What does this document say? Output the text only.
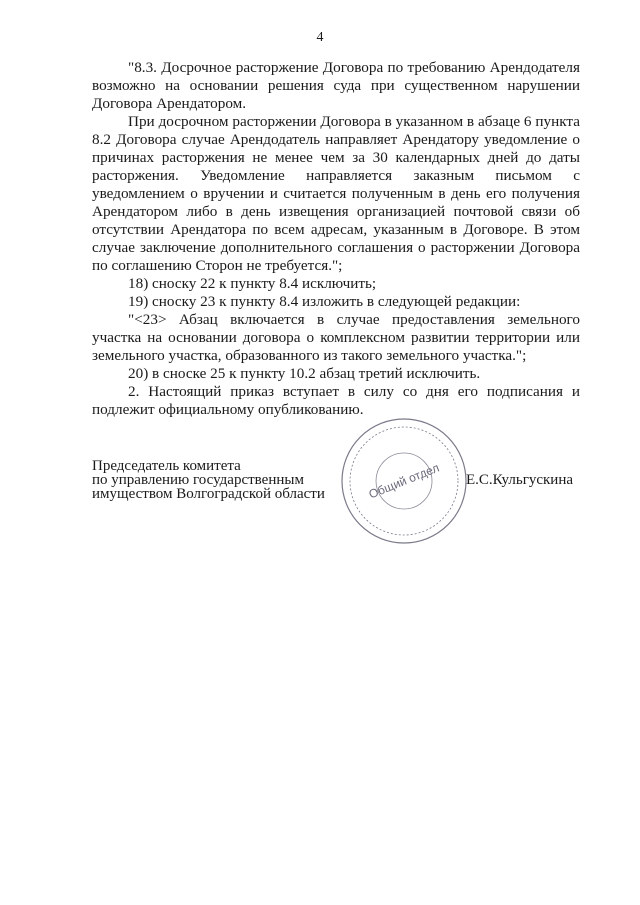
4

"8.3. Досрочное расторжение Договора по требованию Арендодателя возможно на основании решения суда при существенном нарушении Договора Арендатором.

При досрочном расторжении Договора в указанном в абзаце 6 пункта 8.2 Договора случае Арендодатель направляет Арендатору уведомление о причинах расторжения не менее чем за 30 календарных дней до даты расторжения. Уведомление направляется заказным письмом с уведомлением о вручении и считается полученным в день его получения Арендатором либо в день извещения организацией почтовой связи об отсутствии Арендатора по всем адресам, указанным в Договоре. В этом случае заключение дополнительного соглашения о расторжении Договора по соглашению Сторон не требуется.";

18) сноску 22 к пункту 8.4 исключить;

19) сноску 23 к пункту 8.4 изложить в следующей редакции:

"<23> Абзац включается в случае предоставления земельного участка на основании договора о комплексном развитии территории или земельного участка, образованного из такого земельного участка.";

20) в сноске 25 к пункту 10.2 абзац третий исключить.

2. Настоящий приказ вступает в силу со дня его подписания и подлежит официальному опубликованию.

Председатель комитета
по управлению государственным
имуществом Волгоградской области	Общий отдел Е.С.Кульгускина
